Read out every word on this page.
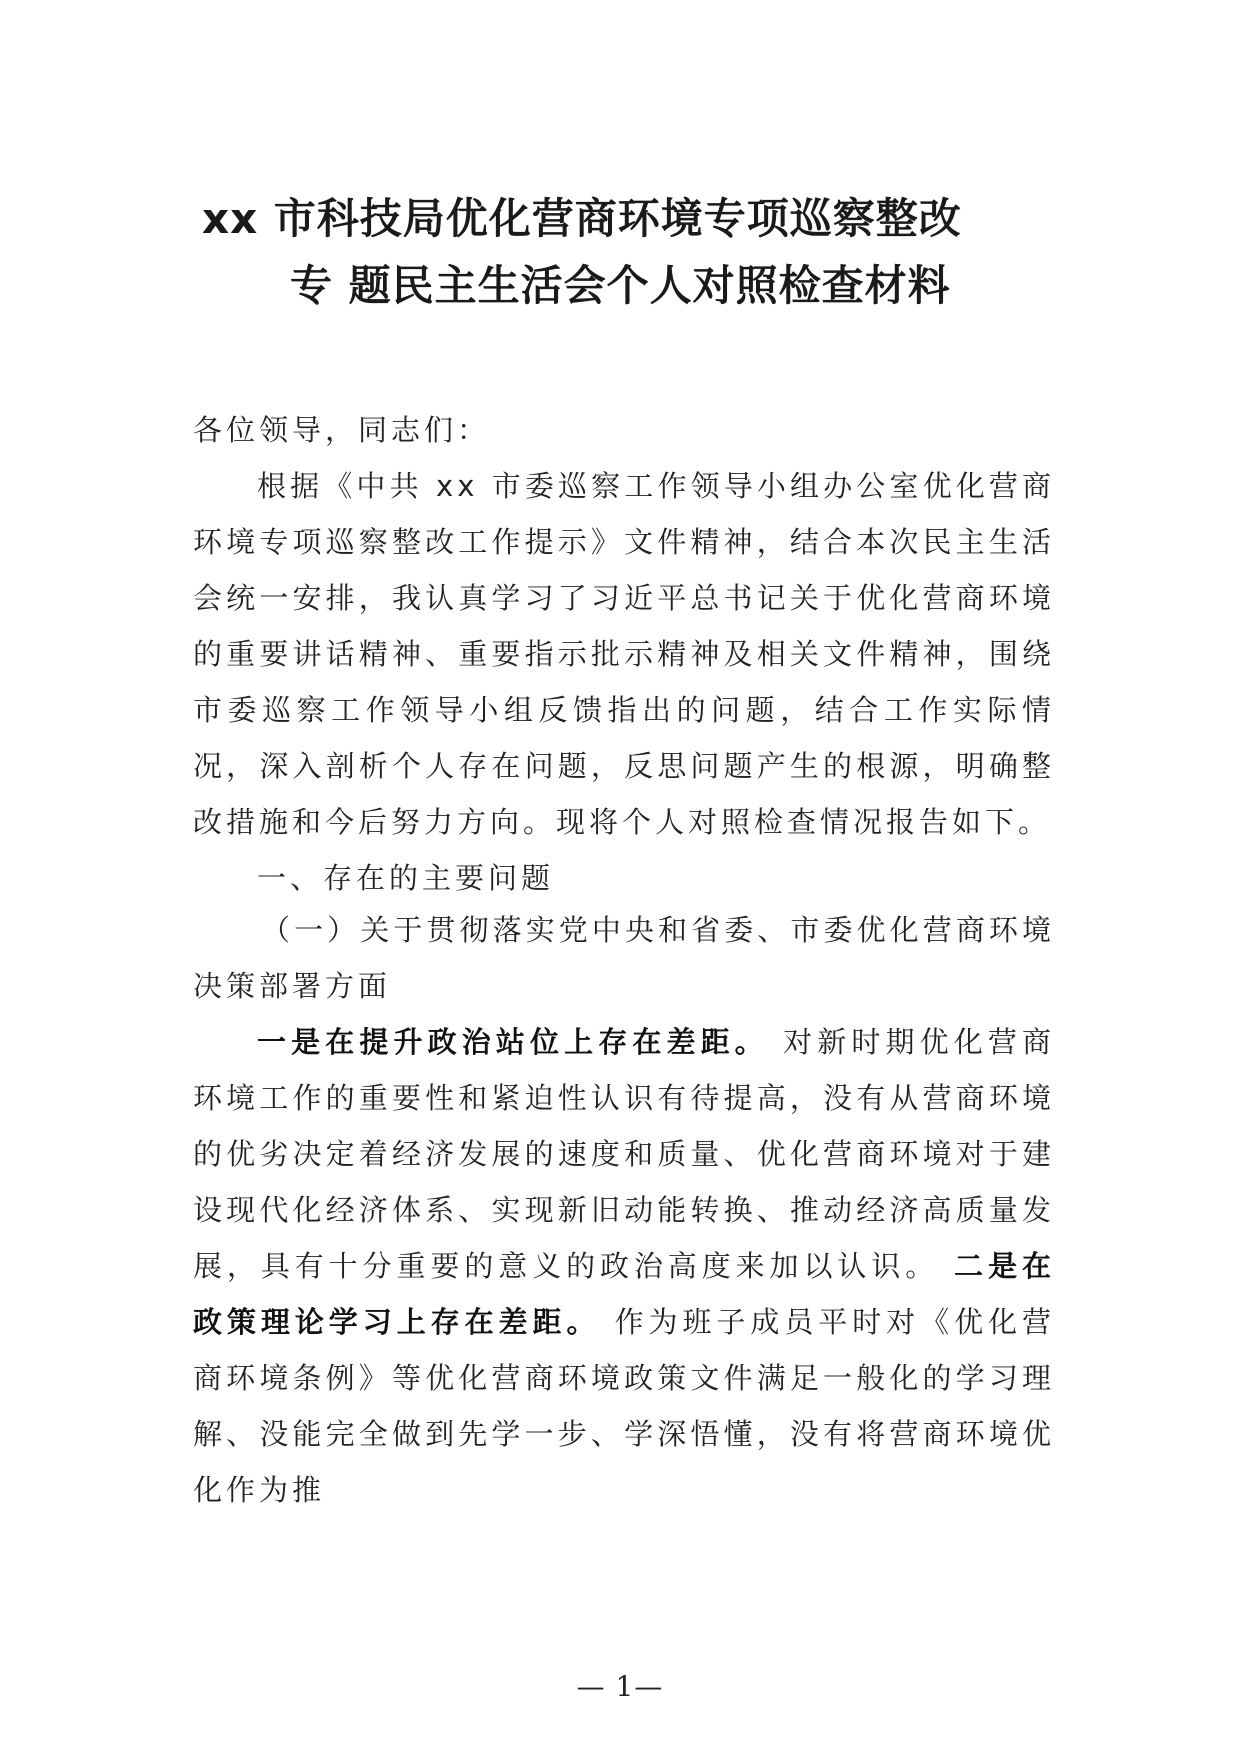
xx 市科技局优化营商环境专项巡察整改
专 题民主生活会个人对照检查材料

各位领导，同志们：

根据《中共 xx 市委巡察工作领导小组办公室优化营商环境专项巡察整改工作提示》文件精神，结合本次民主生活会统一安排，我认真学习了习近平总书记关于优化营商环境的重要讲话精神、重要指示批示精神及相关文件精神，围绕市委巡察工作领导小组反馈指出的问题，结合工作实际情况，深入剖析个人存在问题，反思问题产生的根源，明确整改措施和今后努力方向。现将个人对照检查情况报告如下。

一、存在的主要问题

（一）关于贯彻落实党中央和省委、市委优化营商环境决策部署方面

一是在提升政治站位上存在差距。 对新时期优化营商环境工作的重要性和紧迫性认识有待提高，没有从营商环境的优劣决定着经济发展的速度和质量、优化营商环境对于建设现代化经济体系、实现新旧动能转换、推动经济高质量发展，具有十分重要的意义的政治高度来加以认识。 二是在政策理论学习上存在差距。 作为班子成员平时对《优化营商环境条例》等优化营商环境政策文件满足一般化的学习理解、没能完全做到先学一步、学深悟懂，没有将营商环境优化作为推

— 1—
